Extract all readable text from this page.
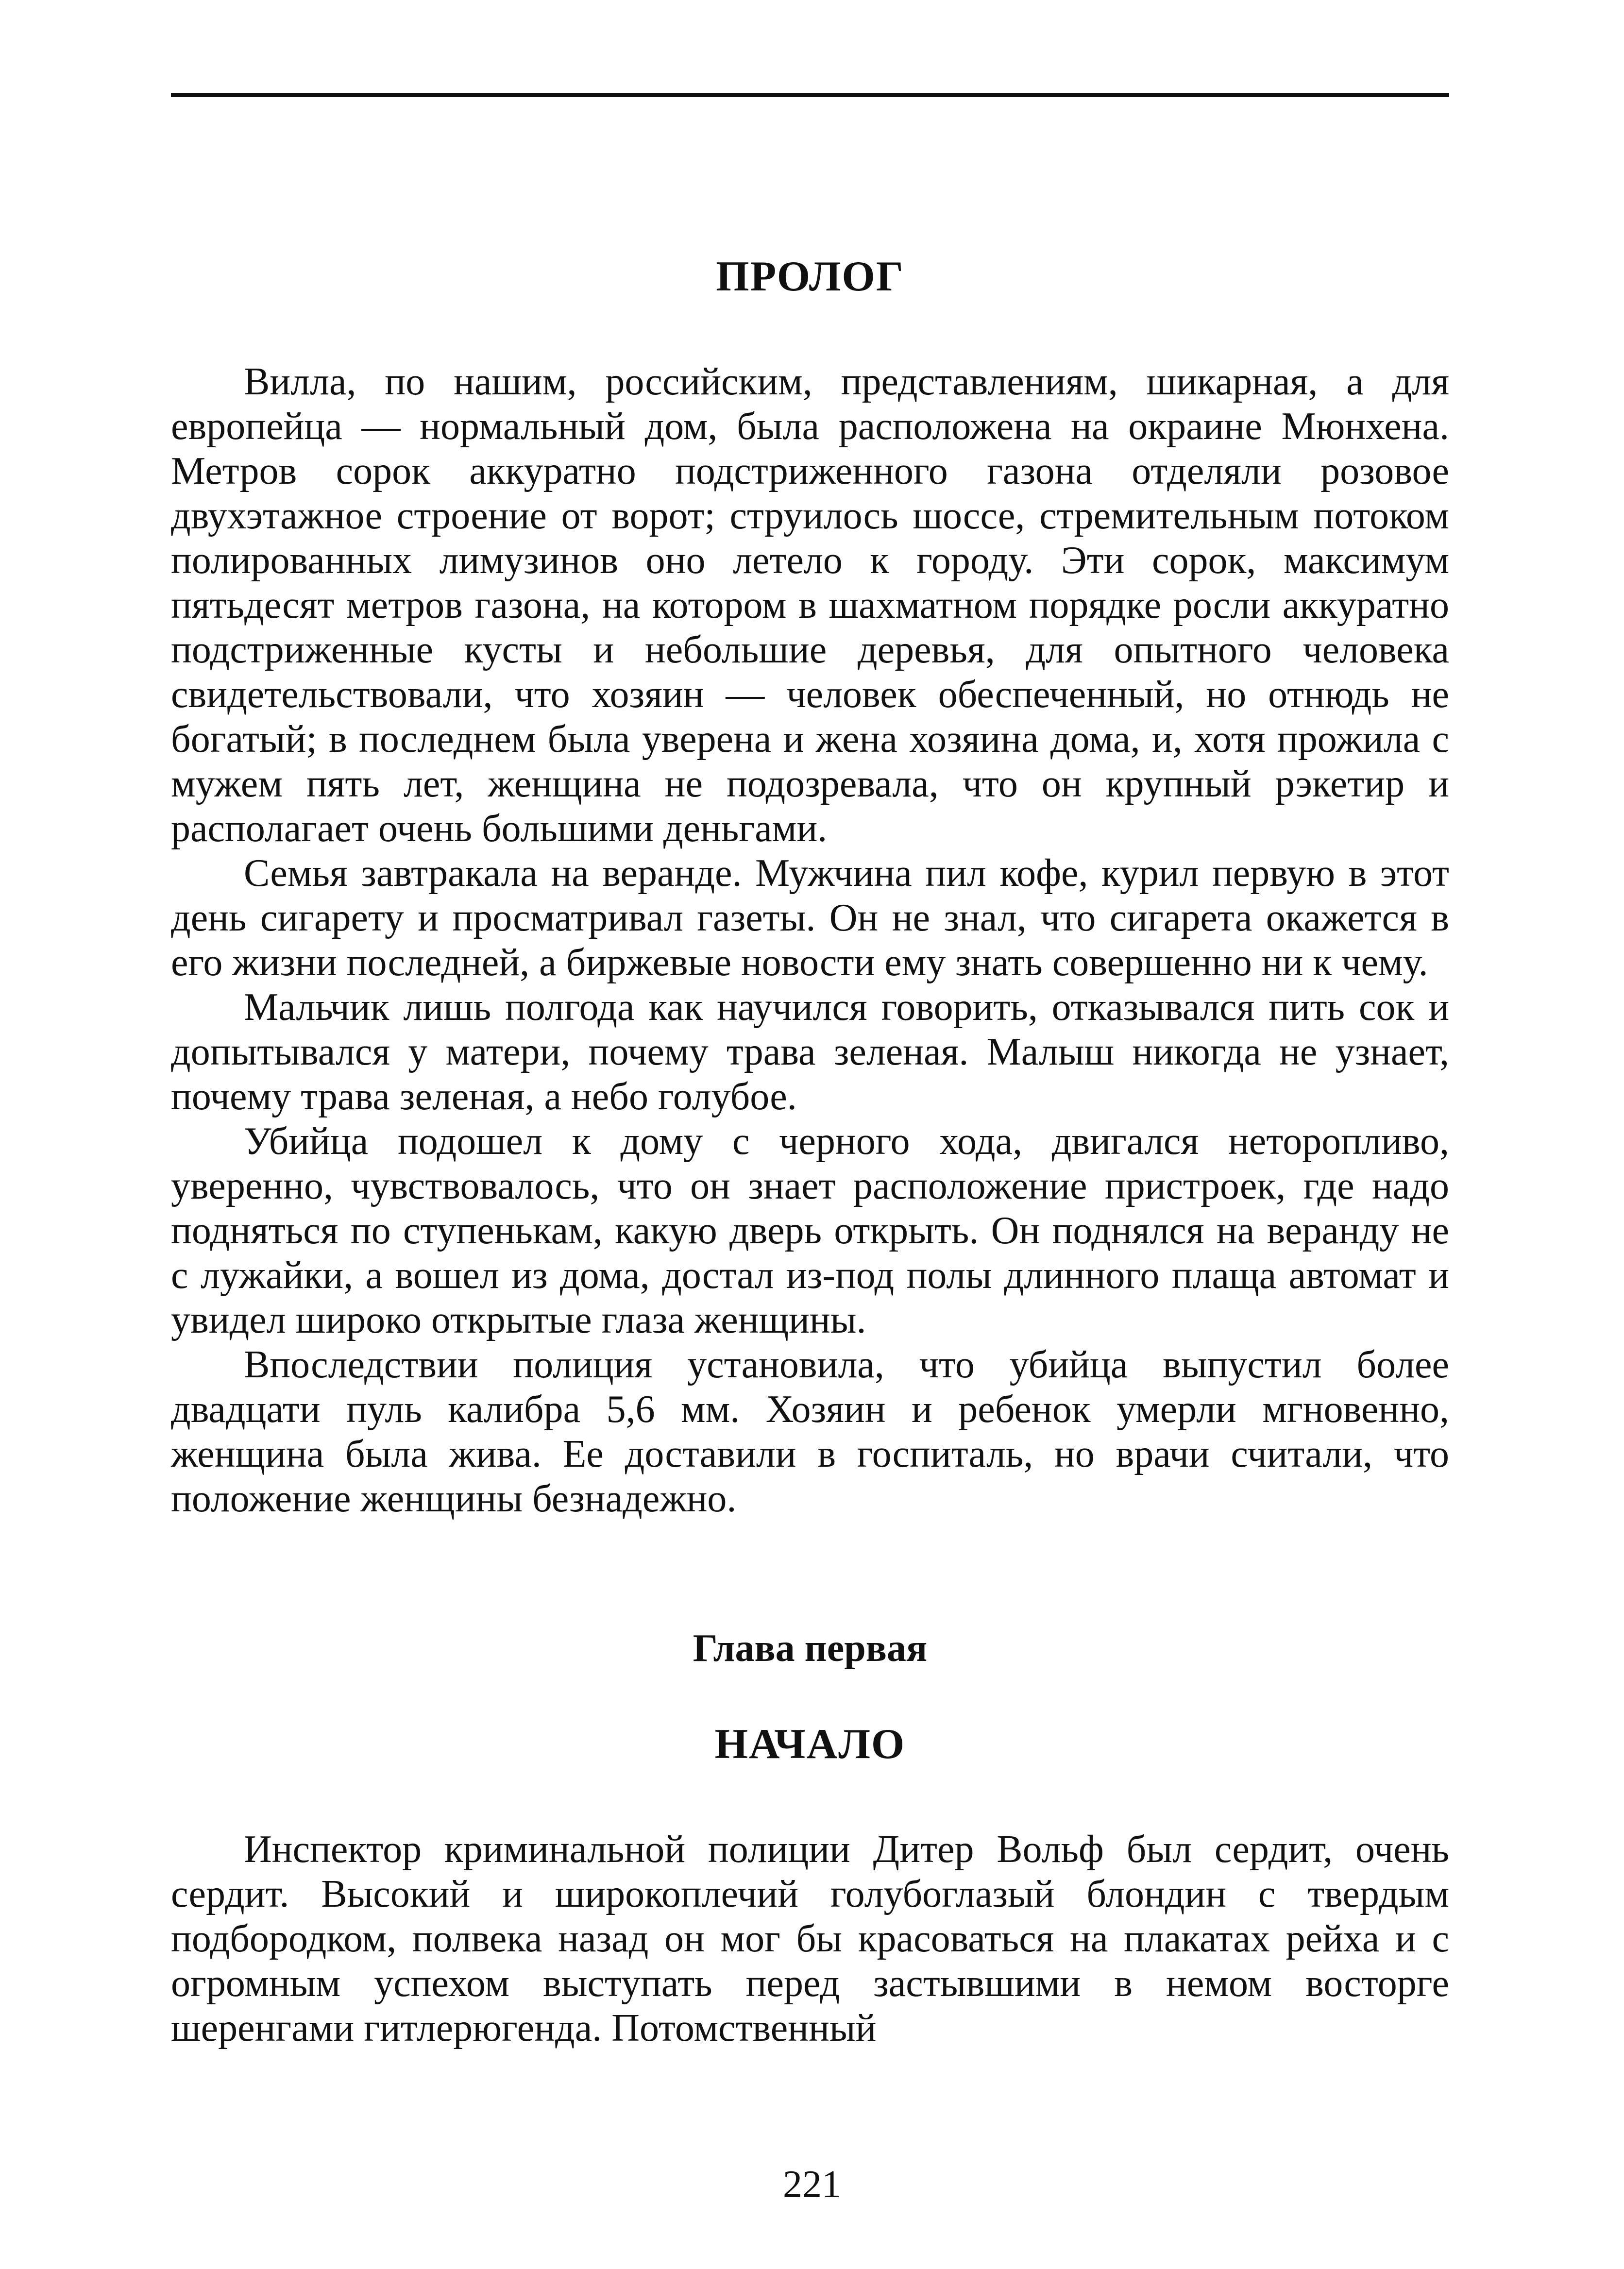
ПРОЛОГ

Вилла, по нашим, российским, представлениям, шикарная, а для европейца — нормальный дом, была расположена на окраине Мюнхена. Метров сорок аккуратно подстриженного газона отделяли розовое двухэтажное строение от ворот; струилось шоссе, стремительным потоком полированных лимузинов оно летело к городу. Эти сорок, максимум пятьдесят метров газона, на котором в шахматном порядке росли аккуратно подстриженные кусты и небольшие деревья, для опытного человека свидетельствовали, что хозяин — человек обеспеченный, но отнюдь не богатый; в последнем была уверена и жена хозяина дома, и, хотя прожила с мужем пять лет, женщина не подозревала, что он крупный рэкетир и располагает очень большими деньгами.

Семья завтракала на веранде. Мужчина пил кофе, курил первую в этот день сигарету и просматривал газеты. Он не знал, что сигарета окажется в его жизни последней, а биржевые новости ему знать совершенно ни к чему.

Мальчик лишь полгода как научился говорить, отказывался пить сок и допытывался у матери, почему трава зеленая. Малыш никогда не узнает, почему трава зеленая, а небо голубое.

Убийца подошел к дому с черного хода, двигался неторопливо, уверенно, чувствовалось, что он знает расположение пристроек, где надо подняться по ступенькам, какую дверь открыть. Он поднялся на веранду не с лужайки, а вошел из дома, достал из-под полы длинного плаща автомат и увидел широко открытые глаза женщины.

Впоследствии полиция установила, что убийца выпустил более двадцати пуль калибра 5,6 мм. Хозяин и ребенок умерли мгновенно, женщина была жива. Ее доставили в госпиталь, но врачи считали, что положение женщины безнадежно.

Глава первая
НАЧАЛО

Инспектор криминальной полиции Дитер Вольф был сердит, очень сердит. Высокий и широкоплечий голубоглазый блондин с твердым подбородком, полвека назад он мог бы красоваться на плакатах рейха и с огромным успехом выступать перед застывшими в немом восторге шеренгами гитлерюгенда. Потомственный

221
